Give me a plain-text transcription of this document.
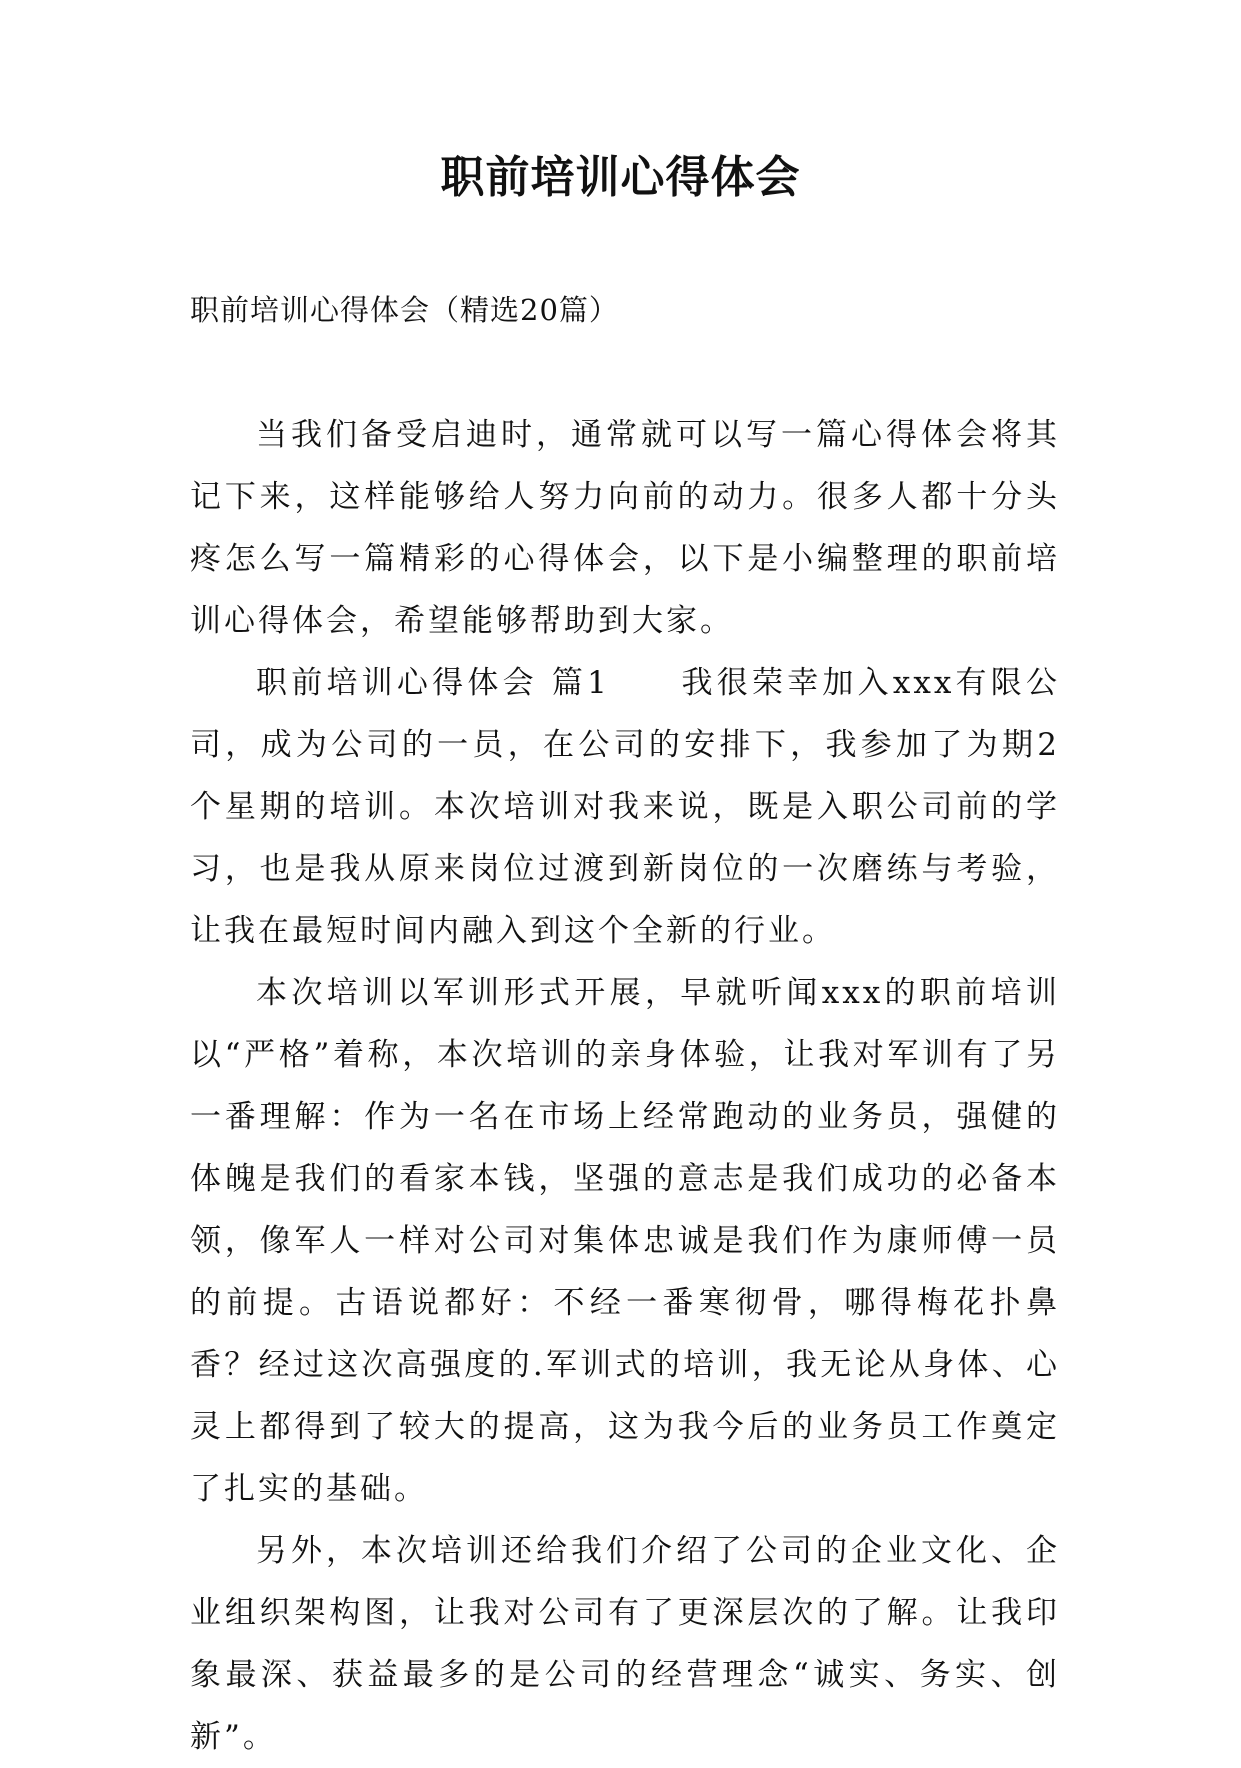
职前培训心得体会

职前培训心得体会（精选20篇）

当我们备受启迪时，通常就可以写一篇心得体会将其记下来，这样能够给人努力向前的动力。很多人都十分头疼怎么写一篇精彩的心得体会，以下是小编整理的职前培训心得体会，希望能够帮助到大家。

职前培训心得体会 篇1　　我很荣幸加入xxx有限公司，成为公司的一员，在公司的安排下，我参加了为期2个星期的培训。本次培训对我来说，既是入职公司前的学习，也是我从原来岗位过渡到新岗位的一次磨练与考验，让我在最短时间内融入到这个全新的行业。

本次培训以军训形式开展，早就听闻xxx的职前培训以“严格”着称，本次培训的亲身体验，让我对军训有了另一番理解：作为一名在市场上经常跑动的业务员，强健的体魄是我们的看家本钱，坚强的意志是我们成功的必备本领，像军人一样对公司对集体忠诚是我们作为康师傅一员的前提。古语说都好：不经一番寒彻骨，哪得梅花扑鼻香？经过这次高强度的.军训式的培训，我无论从身体、心灵上都得到了较大的提高，这为我今后的业务员工作奠定了扎实的基础。

另外，本次培训还给我们介绍了公司的企业文化、企业组织架构图，让我对公司有了更深层次的了解。让我印象最深、获益最多的是公司的经营理念“诚实、务实、创新”。
